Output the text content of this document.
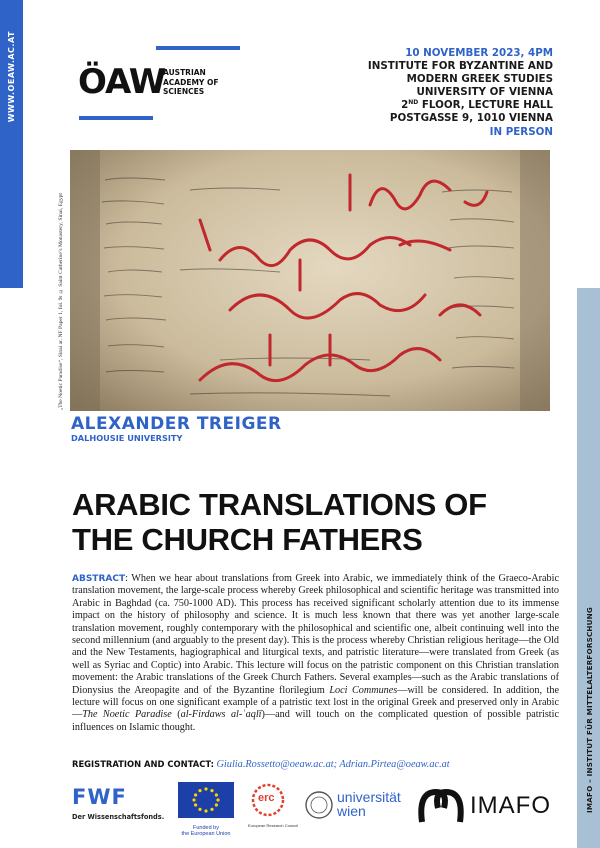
WWW.OEAW.AC.AT
IMAFO – INSTITUT FÜR MITTELALTERFORSCHUNG
ÖAW
AUSTRIAN
ACADEMY OF
SCIENCES
10 NOVEMBER 2023, 4PM
INSTITUTE FOR BYZANTINE AND
MODERN GREEK STUDIES
UNIVERSITY OF VIENNA
2ND FLOOR, LECTURE HALL
POSTGASSE 9, 1010 VIENNA
IN PERSON
„The Noetic Paradise“, Sinai ar. NF Paper 1, fol. 9r © Saint Catherine’s Monastery, Sinai, Egypt
ALEXANDER TREIGER
DALHOUSIE UNIVERSITY
ARABIC TRANSLATIONS OF
THE CHURCH FATHERS
ABSTRACT: When we hear about translations from Greek into Arabic, we immediately think of the Graeco-Arabic translation movement, the large-scale process whereby Greek philosophical and scientific heritage was transmitted into Arabic in Baghdad (ca. 750-1000 AD). This process has received significant scholarly attention due to its immense impact on the history of philosophy and science. It is much less known that there was yet another large-scale translation movement, roughly contemporary with the philosophical and scientific one, albeit continuing well into the second millennium (and arguably to the present day). This is the process whereby Christian religious heritage—the Old and the New Testaments, hagiographical and liturgical texts, and patristic literature—were translated from Greek (as well as Syriac and Coptic) into Arabic. This lecture will focus on the patristic component on this Christian translation movement: the Arabic translations of the Greek Church Fathers. Several examples—such as the Arabic translations of Dionysius the Areopagite and of the Byzantine florilegium Loci Communes—will be considered. In addition, the lecture will focus on one significant example of a patristic text lost in the original Greek and preserved only in Arabic—The Noetic Paradise (al-Firdaws al-ʿaqlī)—and will touch on the complicated question of possible patristic influences on Islamic thought.
REGISTRATION AND CONTACT: Giulia.Rossetto@oeaw.ac.at; Adrian.Pirtea@oeaw.ac.at
FWF
Der Wissenschaftsfonds.
Funded by
the European Union
erc
European Research Council
universität
wien	IMAFO
